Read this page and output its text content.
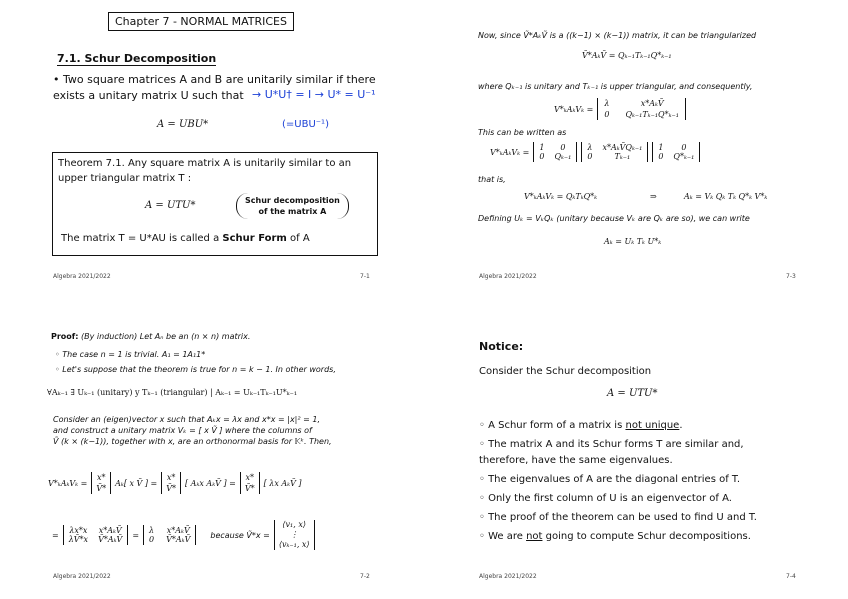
Chapter 7 - NORMAL MATRICES
7.1. Schur Decomposition
• Two square matrices A and B are unitarily similar if there
exists a unitary matrix U such that → U*U† = I → U* = U⁻¹
A = UBU*	(=UBU⁻¹)
Theorem 7.1. Any square matrix A is unitarily similar to an
upper triangular matrix T :
A = UTU*	Schur decomposition
of the matrix A
The matrix T = U*AU is called a Schur Form of A
Algebra 2021/2022	7-1
Now, since Ṽ*AₖṼ is a ((k−1) × (k−1)) matrix, it can be triangularized
Ṽ*AₖṼ = Qₖ₋₁Tₖ₋₁Q*ₖ₋₁
where Qₖ₋₁ is unitary and Tₖ₋₁ is upper triangular, and consequently,
V*ₖAₖVₖ =
λ	x*AₖṼ
0 Qₖ₋₁Tₖ₋₁Q*ₖ₋₁
This can be written as
V*ₖAₖVₖ = 1	0
0 Qₖ₋₁
λ x*AₖṼQₖ₋₁
0	Tₖ₋₁
1	0
0 Q*ₖ₋₁
that is,
V*ₖAₖVₖ = QₖTₖQ*ₖ	⇒	Aₖ = Vₖ Qₖ Tₖ Q*ₖ V*ₖ
Defining Uₖ = VₖQₖ (unitary because Vₖ are Qₖ are so), we can write
Aₖ = Uₖ Tₖ U*ₖ
Algebra 2021/2022	7-3
Proof: (By induction) Let Aₙ be an (n × n) matrix.
◦ The case n = 1 is trivial. A₁ = 1A₁1*
◦ Let's suppose that the theorem is true for n = k − 1. In other words,
∀Aₖ₋₁ ∃ Uₖ₋₁ (unitary) y Tₖ₋₁ (triangular) | Aₖ₋₁ = Uₖ₋₁Tₖ₋₁U*ₖ₋₁
Consider an (eigen)vector x such that Aₖx = λx and x*x = |x|² = 1,
and construct a unitary matrix Vₖ = [ x Ṽ ] where the columns of
Ṽ (k × (k−1)), together with x, are an orthonormal basis for 𝕂ᵏ. Then,
V*ₖAₖVₖ =
x*
Ṽ*
Aₖ[ x Ṽ ] =
x*
Ṽ*
[ Aₖx AₖṼ ] =
x*
Ṽ*
[ λx AₖṼ ]
= λx*x x*AₖṼ
λṼ*x Ṽ*AₖṼ = λ x*AₖṼ
0 Ṽ*AₖṼ	because Ṽ*x =
⟨v₁, x⟩
⋮
⟨vₖ₋₁, x⟩
Algebra 2021/2022	7-2
Notice:
Consider the Schur decomposition
A = UTU*
◦ A Schur form of a matrix is not unique.
◦ The matrix A and its Schur forms T are similar and,
therefore, have the same eigenvalues.
◦ The eigenvalues of A are the diagonal entries of T.
◦ Only the first column of U is an eigenvector of A.
◦ The proof of the theorem can be used to find U and T.
◦ We are not going to compute Schur decompositions.
Algebra 2021/2022	7-4
